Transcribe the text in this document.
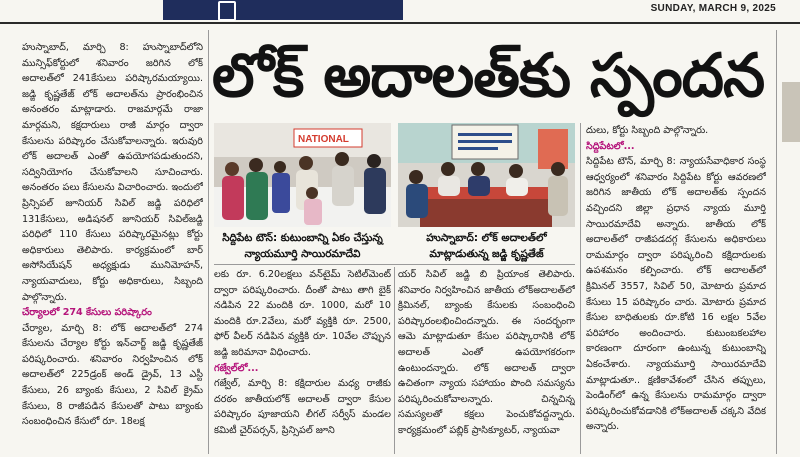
SUNDAY, MARCH 9, 2025

హుస్నాబాద్, మార్చి 8: హుస్నాబాద్‌లోని మున్సిఫ్‌కోర్టులో శనివారం జరిగిన లోక్ అదాలత్‌లో 241కేసులు పరిష్కారమయ్యాయి. జడ్జి కృష్ణతేజ్ లోక్ అదాలత్‌ను ప్రారంభించిన అనంతరం మాట్లాడారు. రాజమార్గమే రాజా మార్గమని, కక్షదారులు రాజీ మార్గం ద్వారా కేసులను పరిష్కారం చేసుకోవాలన్నారు. ఇరువురి లోక్ అదాలత్ ఎంతో ఉపయోగపడుతుందని, సద్వినియోగం చేసుకోవాలని సూచించారు. అనంతరం పలు కేసులను విచారించారు. ఇందులో ప్రిన్సిపల్ జూనియర్ సివిల్ జడ్జి పరిధిలో 131కేసులు, అడిషనల్ జూనియర్ సివిల్‌జడ్జి పరిధిలో 110 కేసులు పరిష్కారమైనట్లు కోర్టు అధికారులు తెలిపారు. కార్యక్రమంలో బార్ అసోసియేషన్ అధ్యక్షుడు మునిమోహన్, న్యాయవాదులు, కోర్టు అధికారులు, సిబ్బంది పాల్గొన్నారు.

చేర్యాలలో 274 కేసులు పరిష్కారం

చేర్యాల, మార్చి 8: లోక్ అదాలత్‌లో 274 కేసులను చేర్యాల కోర్టు ఇన్‌చార్జ్ జడ్జి కృష్ణతేజ్ పరిష్కరించారు. శనివారం నిర్వహించిన లోక్ అదాలత్‌లో 225డ్రంక్ అండ్ డ్రైవ్, 13 ఎస్టీ కేసులు, 26 బ్యాంకు కేసులు, 2 సివిల్ క్రైమ్ కేసులు, 8 రాజీపడిన కేసులతో పాటు బ్యాంకు సంబంధించిన కేసులో రూ. 18లక్ష

లోక్ అదాలత్‌కు స్పందన
NATIONAL
సిద్దిపేట టౌన్: కుటుంబాన్ని ఏకం చేస్తున్న న్యాయమూర్తి సాయిరమాదేవి
హుస్నాబాద్: లోక్ అదాలత్‌లో మాట్లాడుతున్న జడ్జి కృష్ణతేజ్

లకు రూ. 6.20లక్షలు వన్‌టైమ్ సెటిల్‌మెంట్ ద్వారా పరిష్కరించారు. దీంతో పాటు తాగి బైక్ నడిపిన 22 మందికి రూ. 1000, మరో 10 మందికి రూ.2వేలు, మరో వ్యక్తికి రూ. 2500, ఫోర్ వీలర్ నడిపిన వ్యక్తికి రూ. 10వేల చొప్పున జడ్జి జరిమానా విధించారు.

గజ్వేల్‌లో...

గజ్వేల్, మార్చి 8: కక్షిదారుల మధ్య రాజీకు దరఠం జాతీయలోక్ అదాలత్ ద్వారా కేసుల పరిష్కారం పూజాయని లీగల్ సర్వీస్ మండల కమిటీ చైర్‌పర్సన్, ప్రిన్సిపల్ జూని

యర్ సివిల్ జడ్జి బి ప్రియాంక తెలిపారు. శనివారం నిర్వహించిన జాతీయ లోక్‌అదాలత్‌లో క్రిమినల్, బ్యాంకు కేసులకు సంబంధించి పరిష్కారంలభించిందన్నారు. ఈ సందర్భంగా ఆమె మాట్లాడుతూ కేసుల పరిష్కారానికి లోక్ అదాలత్ ఎంతో ఉపయోగకరంగా ఉంటుందన్నారు. లోక్ అదాలత్ ద్వారా ఉచితంగా న్యాయ సహాయం పొంది సమస్యను పరిష్కరించుకోవాలన్నారు. చిన్నచిన్న సమస్యలతో కక్షలు పెంచుకోవద్దన్నారు. కార్యక్రమంలో పబ్లిక్ ప్రాసిక్యూటర్, న్యాయవా

దులు, కోర్టు సిబ్బంది పాల్గొన్నారు.

సిద్దిపేటలో...

సిద్దిపేట టౌన్, మార్చి 8: న్యాయసేవాధికార సంస్థ ఆధ్వర్యంలో శనివారం సిద్దిపేట కోర్టు ఆవరణలో జరిగిన జాతీయ లోక్ అదాలత్‌కు స్పందన వచ్చిందని జిల్లా ప్రధాన న్యాయ మూర్తి సాయిరమాదేవి అన్నారు. జాతీయ లోక్ అదాలత్‌లో రాజీపడదగ్గ కేసులను అధికారులు రామమార్గం ద్వారా పరిష్కరించి కక్షిదారులకు ఉపశమనం కల్పించారు. లోక్ అదాలత్‌లో క్రిమినల్ 3557, సివిల్ 50, మోటారు ప్రమాద కేసులు 15 పరిష్కారం చారు. మోటారు ప్రమాద కేసుల బాధితులకు రూ.కోటి 16 లక్షల 5వేల పరిహారం అందించారు. కుటుంబకలహాల కారణంగా దూరంగా ఉంటున్న కుటుంబాన్ని ఏకంచేశారు. న్యాయమూర్తి సాయిరమాదేవి మాట్లాడుతూ.. క్షణికావేశంలో చేసిన తప్పులు, పెండింగ్‌లో ఉన్న కేసులను రామమార్గం ద్వారా పరిష్కరించుకోవడానికి లోక్‌అదాలత్ చక్కని వేదిక అన్నారు.
